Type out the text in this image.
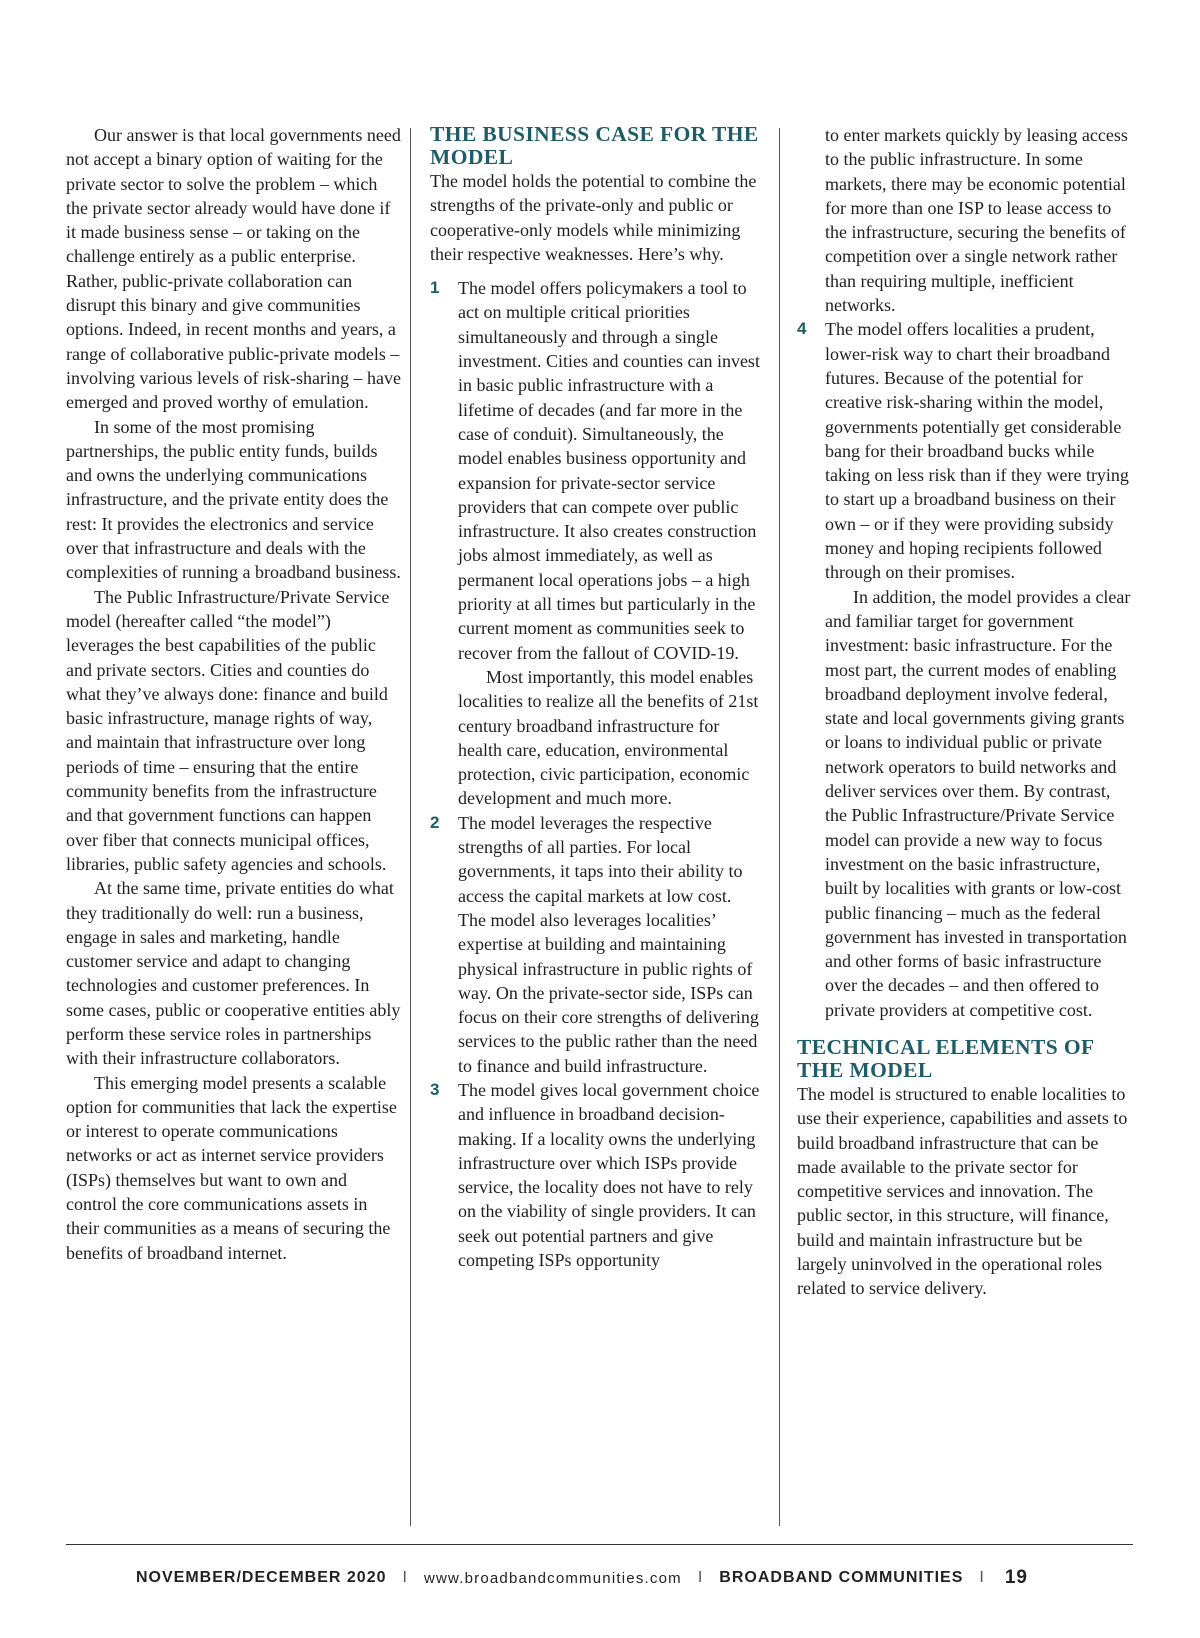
Our answer is that local governments need not accept a binary option of waiting for the private sector to solve the problem – which the private sector already would have done if it made business sense – or taking on the challenge entirely as a public enterprise. Rather, public-private collaboration can disrupt this binary and give communities options. Indeed, in recent months and years, a range of collaborative public-private models – involving various levels of risk-sharing – have emerged and proved worthy of emulation.

In some of the most promising partnerships, the public entity funds, builds and owns the underlying communications infrastructure, and the private entity does the rest: It provides the electronics and service over that infrastructure and deals with the complexities of running a broadband business.

The Public Infrastructure/Private Service model (hereafter called “the model”) leverages the best capabilities of the public and private sectors. Cities and counties do what they’ve always done: finance and build basic infrastructure, manage rights of way, and maintain that infrastructure over long periods of time – ensuring that the entire community benefits from the infrastructure and that government functions can happen over fiber that connects municipal offices, libraries, public safety agencies and schools.

At the same time, private entities do what they traditionally do well: run a business, engage in sales and marketing, handle customer service and adapt to changing technologies and customer preferences. In some cases, public or cooperative entities ably perform these service roles in partnerships with their infrastructure collaborators.

This emerging model presents a scalable option for communities that lack the expertise or interest to operate communications networks or act as internet service providers (ISPs) themselves but want to own and control the core communications assets in their communities as a means of securing the benefits of broadband internet.

THE BUSINESS CASE FOR THE MODEL

The model holds the potential to combine the strengths of the private-only and public or cooperative-only models while minimizing their respective weaknesses. Here’s why.

1 The model offers policymakers a tool to act on multiple critical priorities simultaneously and through a single investment. Cities and counties can invest in basic public infrastructure with a lifetime of decades (and far more in the case of conduit). Simultaneously, the model enables business opportunity and expansion for private-sector service providers that can compete over public infrastructure. It also creates construction jobs almost immediately, as well as permanent local operations jobs – a high priority at all times but particularly in the current moment as communities seek to recover from the fallout of COVID-19.

Most importantly, this model enables localities to realize all the benefits of 21st century broadband infrastructure for health care, education, environmental protection, civic participation, economic development and much more.

2 The model leverages the respective strengths of all parties. For local governments, it taps into their ability to access the capital markets at low cost. The model also leverages localities’ expertise at building and maintaining physical infrastructure in public rights of way. On the private-sector side, ISPs can focus on their core strengths of delivering services to the public rather than the need to finance and build infrastructure.

3 The model gives local government choice and influence in broadband decision-making. If a locality owns the underlying infrastructure over which ISPs provide service, the locality does not have to rely on the viability of single providers. It can seek out potential partners and give competing ISPs opportunity

to enter markets quickly by leasing access to the public infrastructure. In some markets, there may be economic potential for more than one ISP to lease access to the infrastructure, securing the benefits of competition over a single network rather than requiring multiple, inefficient networks.

4 The model offers localities a prudent, lower-risk way to chart their broadband futures. Because of the potential for creative risk-sharing within the model, governments potentially get considerable bang for their broadband bucks while taking on less risk than if they were trying to start up a broadband business on their own – or if they were providing subsidy money and hoping recipients followed through on their promises.

In addition, the model provides a clear and familiar target for government investment: basic infrastructure. For the most part, the current modes of enabling broadband deployment involve federal, state and local governments giving grants or loans to individual public or private network operators to build networks and deliver services over them. By contrast, the Public Infrastructure/Private Service model can provide a new way to focus investment on the basic infrastructure, built by localities with grants or low-cost public financing – much as the federal government has invested in transportation and other forms of basic infrastructure over the decades – and then offered to private providers at competitive cost.

TECHNICAL ELEMENTS OF THE MODEL

The model is structured to enable localities to use their experience, capabilities and assets to build broadband infrastructure that can be made available to the private sector for competitive services and innovation. The public sector, in this structure, will finance, build and maintain infrastructure but be largely uninvolved in the operational roles related to service delivery.

NOVEMBER/DECEMBER 2020 I www.broadbandcommunities.com I BROADBAND COMMUNITIES I 19
